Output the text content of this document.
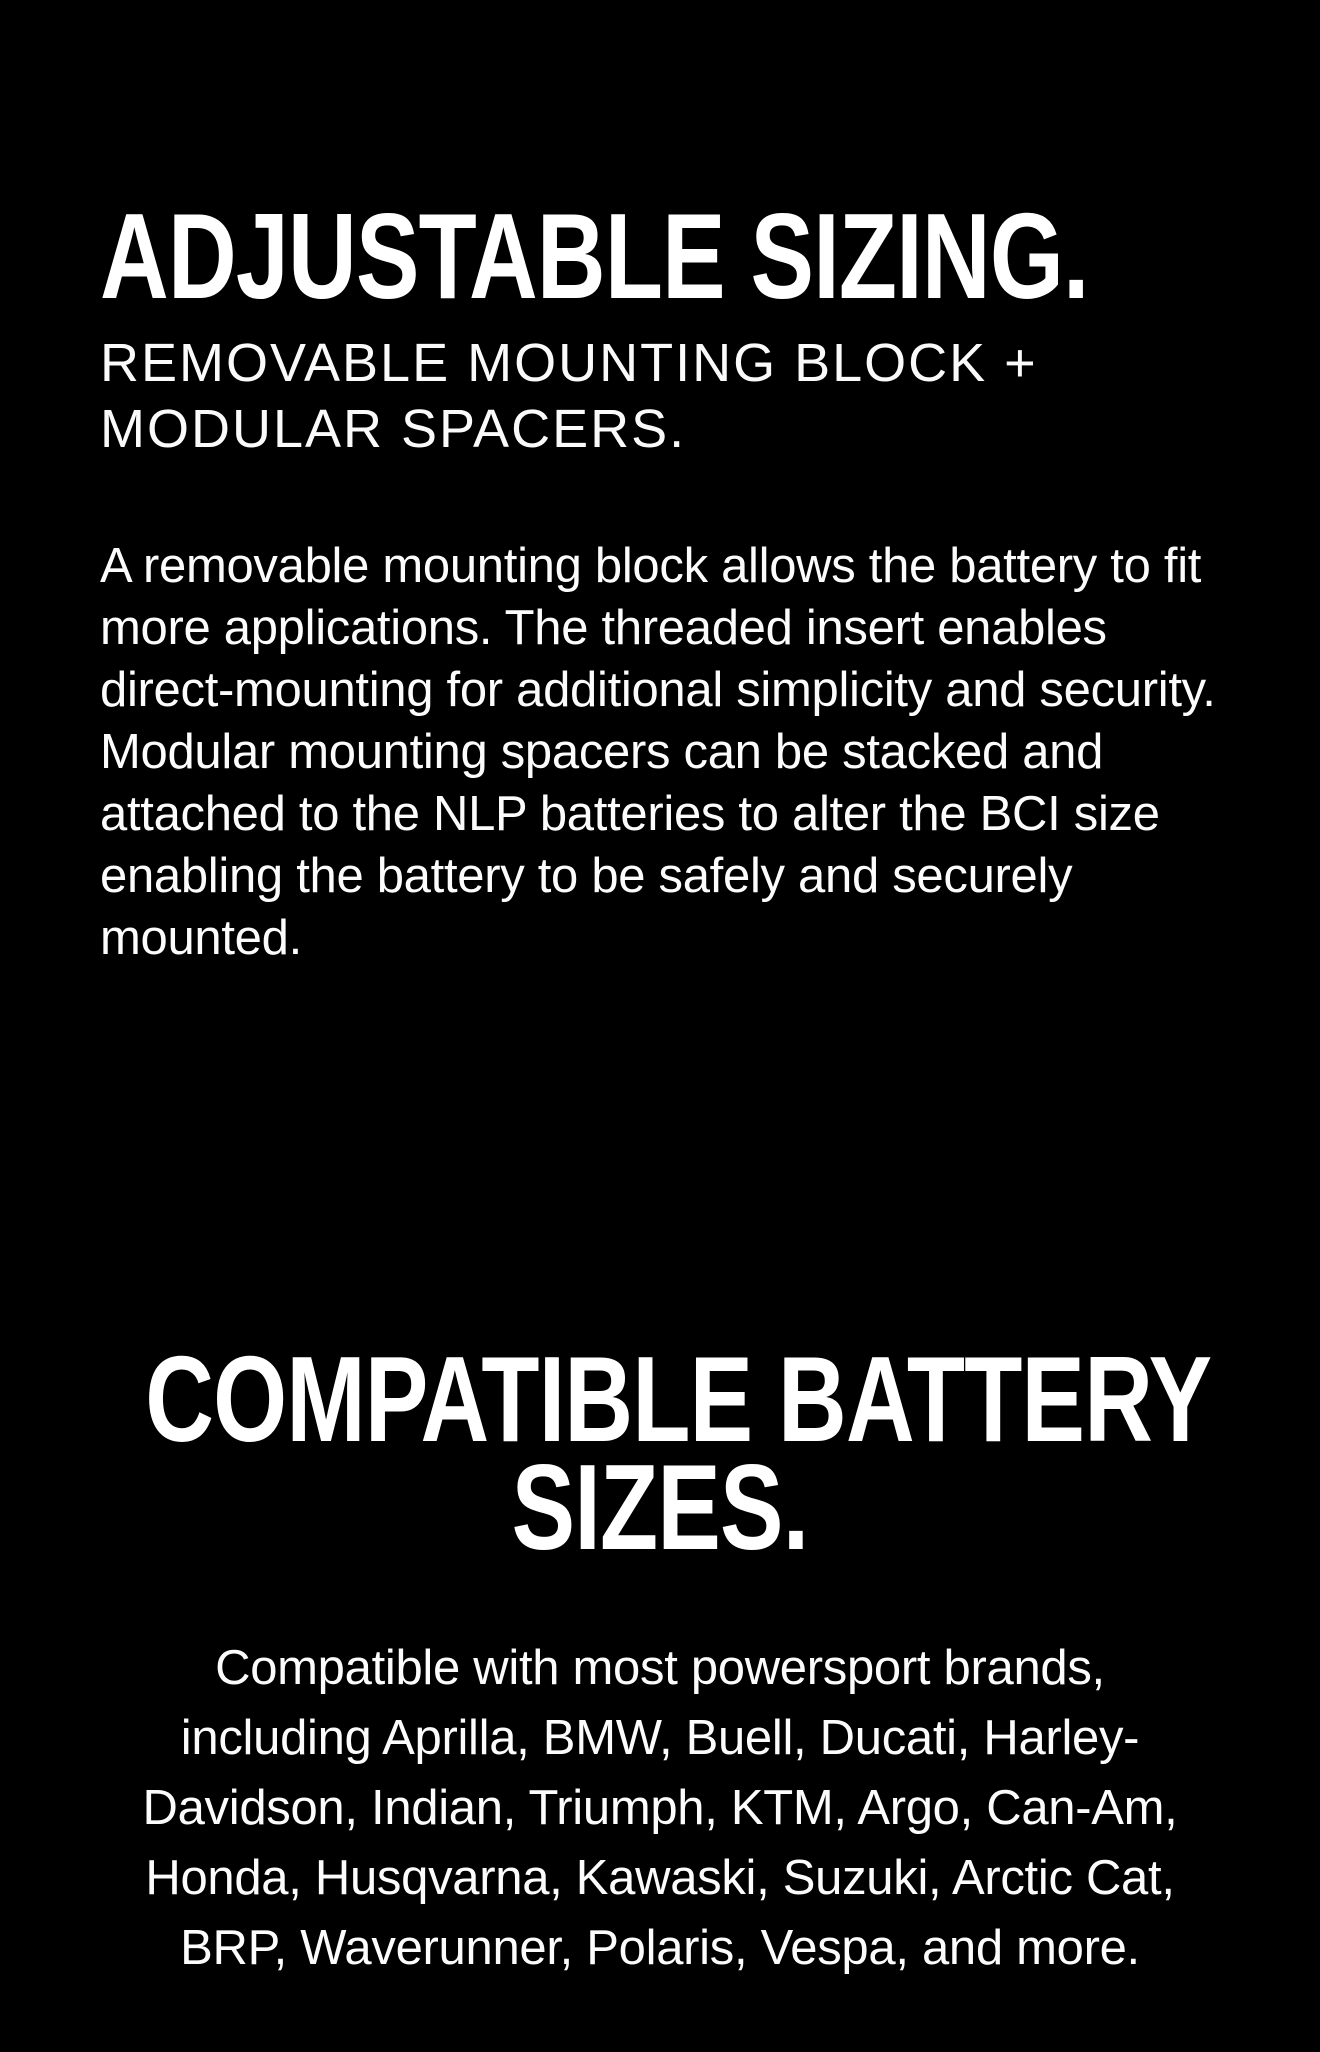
ADJUSTABLE SIZING.
REMOVABLE MOUNTING BLOCK +
MODULAR SPACERS.

A removable mounting block allows the battery to fit more applications. The threaded insert enables direct-mounting for additional simplicity and security. Modular mounting spacers can be stacked and attached to the NLP batteries to alter the BCI size enabling the battery to be safely and securely mounted.

COMPATIBLE BATTERY
SIZES.

Compatible with most powersport brands, including Aprilla, BMW, Buell, Ducati, Harley-Davidson, Indian, Triumph, KTM, Argo, Can-Am, Honda, Husqvarna, Kawaski, Suzuki, Arctic Cat, BRP, Waverunner, Polaris, Vespa, and more.
